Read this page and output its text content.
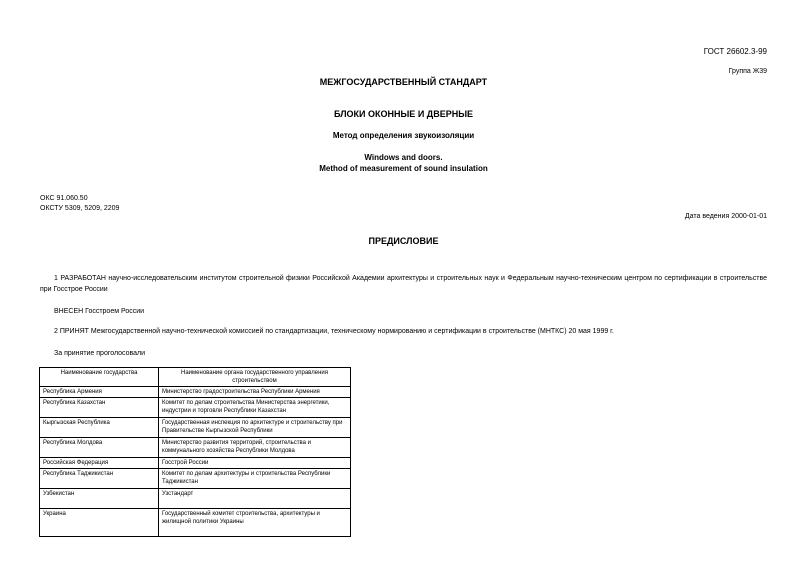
ГОСТ 26602.3-99
Группа Ж39
МЕЖГОСУДАРСТВЕННЫЙ СТАНДАРТ
БЛОКИ ОКОННЫЕ И ДВЕРНЫЕ
Метод определения звукоизоляции
Windows and doors.
Method of measurement of sound insulation
ОКС 91.060.50
ОКСТУ 5309, 5209, 2209
Дата ведения 2000-01-01
ПРЕДИСЛОВИЕ
1 РАЗРАБОТАН научно-исследовательским институтом строительной физики Российской Академии архитектуры и строительных наук и Федеральным научно-техническим центром по сертификации в строительстве при Госстрое России
ВНЕСЕН Госстроем России
2 ПРИНЯТ Межгосударственной научно-технической комиссией по стандартизации, техническому нормированию и сертификации в строительстве (МНТКС) 20 мая 1999 г.
За принятие проголосовали
Наименование государства	Наименование органа государственного управления строительством
Республика Армения	Министерство градостроительства Республики Армения
Республика Казахстан	Комитет по делам строительства Министерства энергетики, индустрии и торговли Республики Казахстан
Кыргызская Республика	Государственная инспекция по архитектуре и строительству при Правительстве Кыргызской Республики
Республика Молдова	Министерство развития территорий, строительства и коммунального хозяйства Республики Молдова
Российская Федерация	Госстрой России
Республика Таджикистан	Комитет по делам архитектуры и строительства Республики Таджикистан
Узбекистан	Узстандарт
Украина	Государственный комитет строительства, архитектуры и жилищной политики Украины
